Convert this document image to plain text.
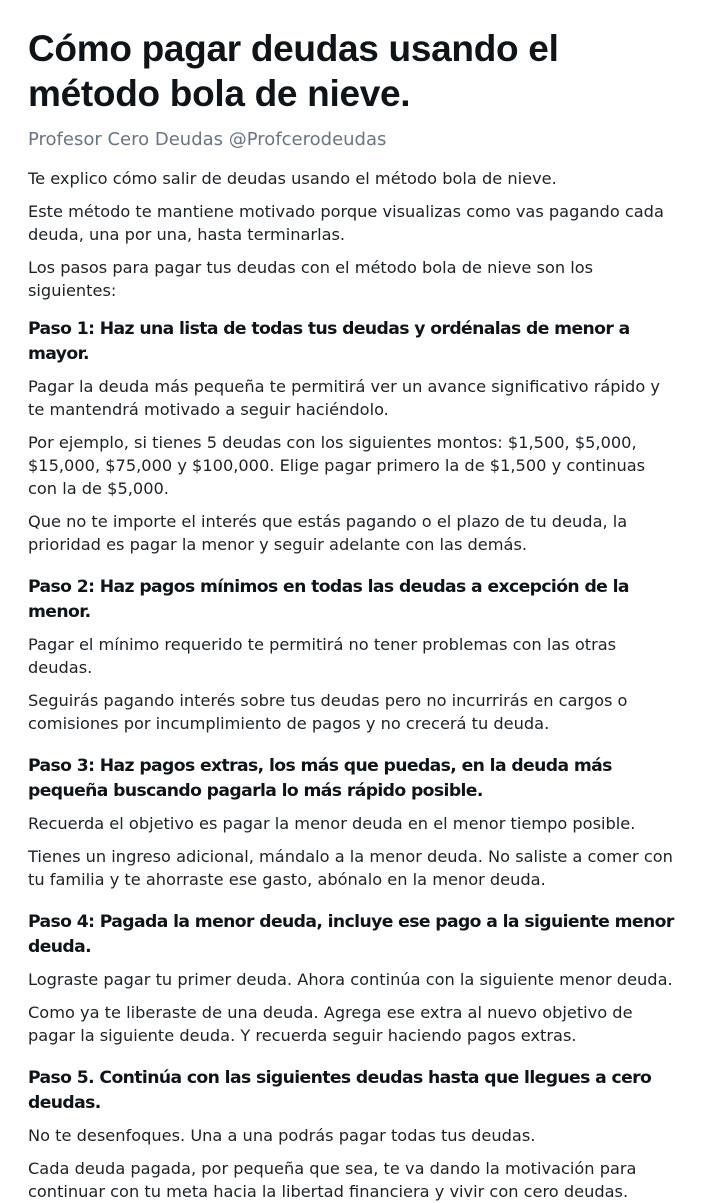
Cómo pagar deudas usando el método bola de nieve.
Profesor Cero Deudas @Profcerodeudas

Te explico cómo salir de deudas usando el método bola de nieve.

Este método te mantiene motivado porque visualizas como vas pagando cada deuda, una por una, hasta terminarlas.

Los pasos para pagar tus deudas con el método bola de nieve son los siguientes:

Paso 1: Haz una lista de todas tus deudas y ordénalas de menor a mayor.

Pagar la deuda más pequeña te permitirá ver un avance significativo rápido y te mantendrá motivado a seguir haciéndolo.

Por ejemplo, si tienes 5 deudas con los siguientes montos: $1,500, $5,000, $15,000, $75,000 y $100,000. Elige pagar primero la de $1,500 y continuas con la de $5,000.

Que no te importe el interés que estás pagando o el plazo de tu deuda, la prioridad es pagar la menor y seguir adelante con las demás.

Paso 2: Haz pagos mínimos en todas las deudas a excepción de la menor.

Pagar el mínimo requerido te permitirá no tener problemas con las otras deudas.

Seguirás pagando interés sobre tus deudas pero no incurrirás en cargos o comisiones por incumplimiento de pagos y no crecerá tu deuda.

Paso 3: Haz pagos extras, los más que puedas, en la deuda más pequeña buscando pagarla lo más rápido posible.

Recuerda el objetivo es pagar la menor deuda en el menor tiempo posible.

Tienes un ingreso adicional, mándalo a la menor deuda. No saliste a comer con tu familia y te ahorraste ese gasto, abónalo en la menor deuda.

Paso 4: Pagada la menor deuda, incluye ese pago a la siguiente menor deuda.

Lograste pagar tu primer deuda. Ahora continúa con la siguiente menor deuda.

Como ya te liberaste de una deuda. Agrega ese extra al nuevo objetivo de pagar la siguiente deuda. Y recuerda seguir haciendo pagos extras.

Paso 5. Continúa con las siguientes deudas hasta que llegues a cero deudas.

No te desenfoques. Una a una podrás pagar todas tus deudas.

Cada deuda pagada, por pequeña que sea, te va dando la motivación para continuar con tu meta hacia la libertad financiera y vivir con cero deudas.
